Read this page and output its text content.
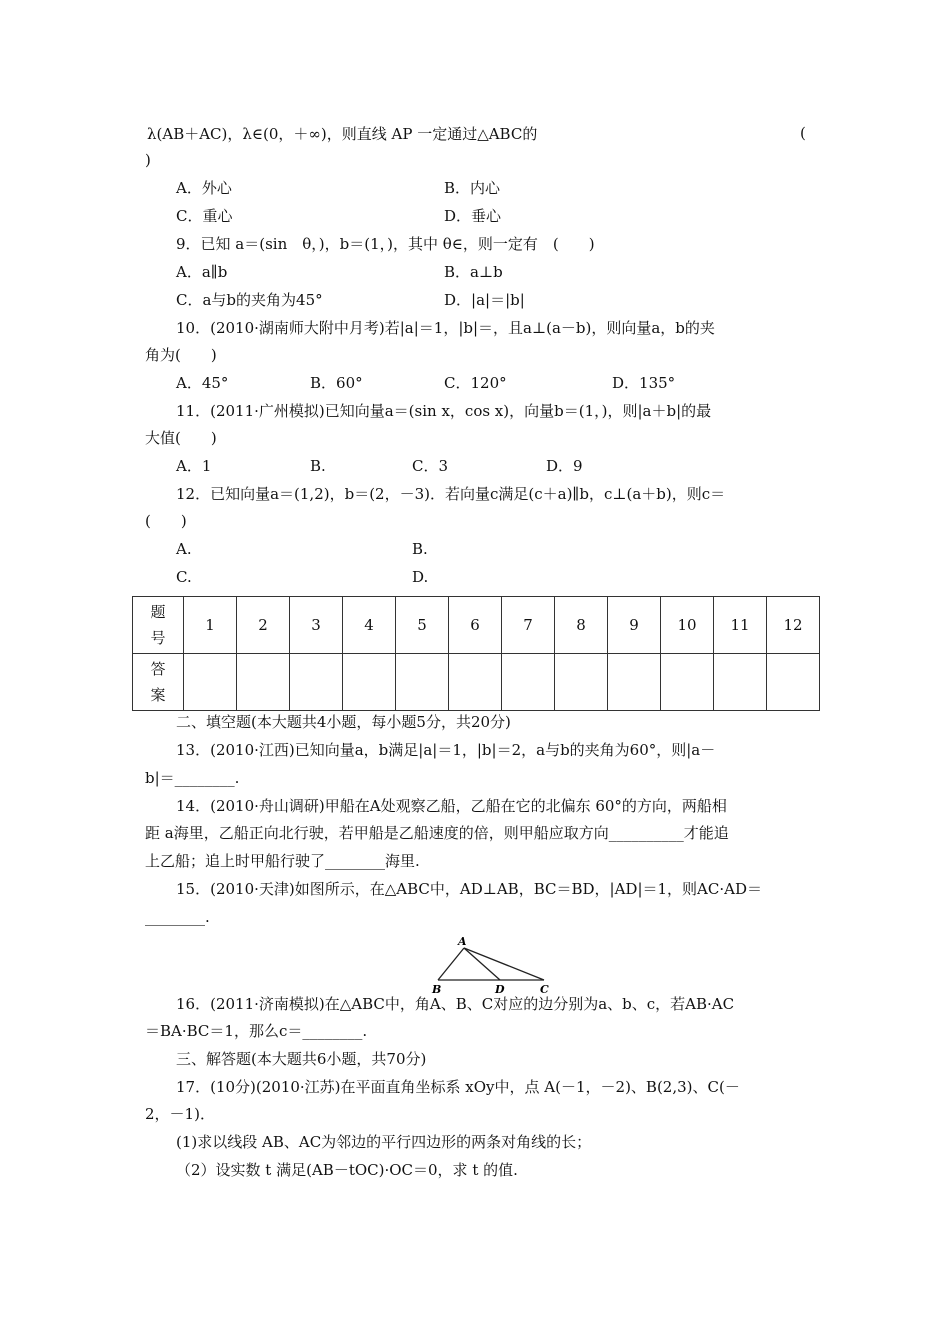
λ(AB＋AC)，λ∈(0，＋∞)，则直线 AP 一定通过△ABC的	(
)
A．外心	B．内心
C．重心	D．垂心
9．已知 a＝(sin　θ，)，b＝(1，)，其中 θ∈，则一定有　(　　)
A．a∥b	B．a⊥b
C．a与b的夹角为45°	D．|a|＝|b|
10．(2010·湖南师大附中月考)若|a|＝1，|b|＝，且a⊥(a－b)，则向量a，b的夹
角为(　　)
A．45°	B．60°	C．120°	D．135°
11．(2011·广州模拟)已知向量a＝(sin x，cos x)，向量b＝(1，)，则|a＋b|的最
大值(　　)
A．1	B.	C．3	D．9
12．已知向量a＝(1,2)，b＝(2，－3)．若向量c满足(c＋a)∥b，c⊥(a＋b)，则c＝
(　　)
A.	B.
C.	D.
题
号	1	2	3	4	5	6	7	8	9	10	11	12

答
案												

二、填空题(本大题共4小题，每小题5分，共20分)
13．(2010·江西)已知向量a，b满足|a|＝1，|b|＝2，a与b的夹角为60°，则|a－
b|＝________.
14．(2010·舟山调研)甲船在A处观察乙船，乙船在它的北偏东 60°的方向，两船相
距 a海里，乙船正向北行驶，若甲船是乙船速度的倍，则甲船应取方向__________才能追
上乙船；追上时甲船行驶了________海里.
15．(2010·天津)如图所示，在△ABC中，AD⊥AB，BC＝BD，|AD|＝1，则AC·AD＝
________.
A
B	D	C
16．(2011·济南模拟)在△ABC中，角A、B、C对应的边分别为a、b、c，若AB·AC
＝BA·BC＝1，那么c＝________.
三、解答题(本大题共6小题，共70分)
17．(10分)(2010·江苏)在平面直角坐标系 xOy中，点 A(－1，－2)、B(2,3)、C(－
2，－1)．
(1)求以线段 AB、AC为邻边的平行四边形的两条对角线的长；
（2）设实数 t 满足(AB－tOC)·OC＝0，求 t 的值.
